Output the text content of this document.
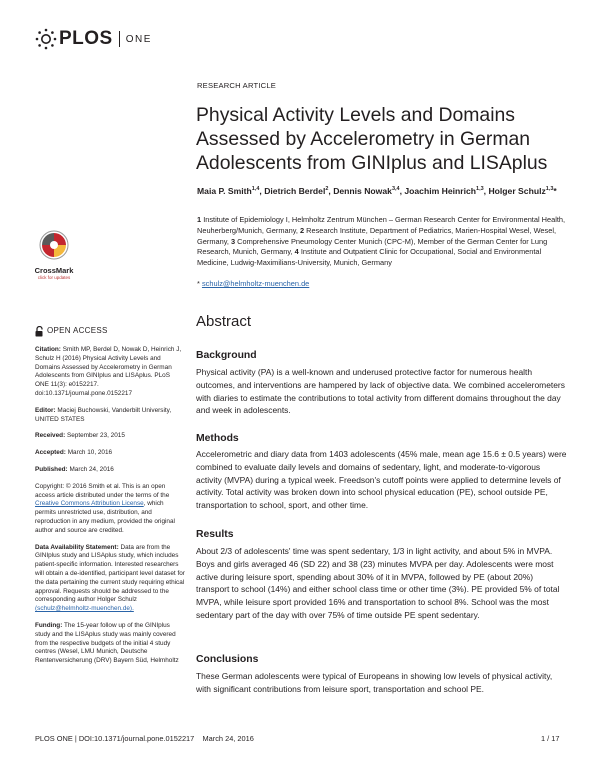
PLOS ONE
RESEARCH ARTICLE
Physical Activity Levels and Domains Assessed by Accelerometry in German Adolescents from GINIplus and LISAplus
Maia P. Smith$^{1,4}$, Dietrich Berdel$^2$, Dennis Nowak$^{3,4}$, Joachim Heinrich$^{1,3}$, Holger Schulz$^{1,3}$*
1 Institute of Epidemiology I, Helmholtz Zentrum München – German Research Center for Environmental Health, Neuherberg/Munich, Germany, 2 Research Institute, Department of Pediatrics, Marien-Hospital Wesel, Wesel, Germany, 3 Comprehensive Pneumology Center Munich (CPC-M), Member of the German Center for Lung Research, Munich, Germany, 4 Institute and Outpatient Clinic for Occupational, Social and Environmental Medicine, Ludwig-Maximilians-University, Munich, Germany
* schulz@helmholtz-muenchen.de
CrossMark
click for updates
OPEN ACCESS
Citation: Smith MP, Berdel D, Nowak D, Heinrich J, Schulz H (2016) Physical Activity Levels and Domains Assessed by Accelerometry in German Adolescents from GINIplus and LISAplus. PLoS ONE 11(3): e0152217. doi:10.1371/journal.pone.0152217
Editor: Maciej Buchowski, Vanderbilt University, UNITED STATES
Received: September 23, 2015
Accepted: March 10, 2016
Published: March 24, 2016
Copyright: © 2016 Smith et al. This is an open access article distributed under the terms of the Creative Commons Attribution License, which permits unrestricted use, distribution, and reproduction in any medium, provided the original author and source are credited.
Data Availability Statement: Data are from the GINIplus study and LISAplus study, which includes patient-specific information. Interested researchers will obtain a de-identified, participant level dataset for the data pertaining the current study requiring ethical approval. Requests should be addressed to the corresponding author Holger Schulz (schulz@helmholtz-muenchen.de).
Funding: The 15-year follow up of the GINIplus study and the LISAplus study was mainly covered from the respective budgets of the initial 4 study centres (Wesel, LMU Munich, Deutsche Rentenversicherung (DRV) Bayern Süd, Helmholtz
Abstract
Background

Physical activity (PA) is a well-known and underused protective factor for numerous health outcomes, and interventions are hampered by lack of objective data. We combined accelerometers with diaries to estimate the contributions to total activity from different domains throughout the day and week in adolescents.

Methods

Accelerometric and diary data from 1403 adolescents (45% male, mean age 15.6 ± 0.5 years) were combined to evaluate daily levels and domains of sedentary, light, and moderate-to-vigorous activity (MVPA) during a typical week. Freedson's cutoff points were applied to determine levels of activity. Total activity was broken down into school physical education (PE), school outside PE, transportation to school, sport, and other time.

Results

About 2/3 of adolescents' time was spent sedentary, 1/3 in light activity, and about 5% in MVPA. Boys and girls averaged 46 (SD 22) and 38 (23) minutes MVPA per day. Adolescents were most active during leisure sport, spending about 30% of it in MVPA, followed by PE (about 20%) transport to school (14%) and either school class time or other time (3%). PE provided 5% of total MVPA, while leisure sport provided 16% and transportation to school 8%. School was the most sedentary part of the day with over 75% of time outside PE spent sedentary.

Conclusions

These German adolescents were typical of Europeans in showing low levels of physical activity, with significant contributions from leisure sport, transportation and school PE.

PLOS ONE | DOI:10.1371/journal.pone.0152217 March 24, 2016	1 / 17
